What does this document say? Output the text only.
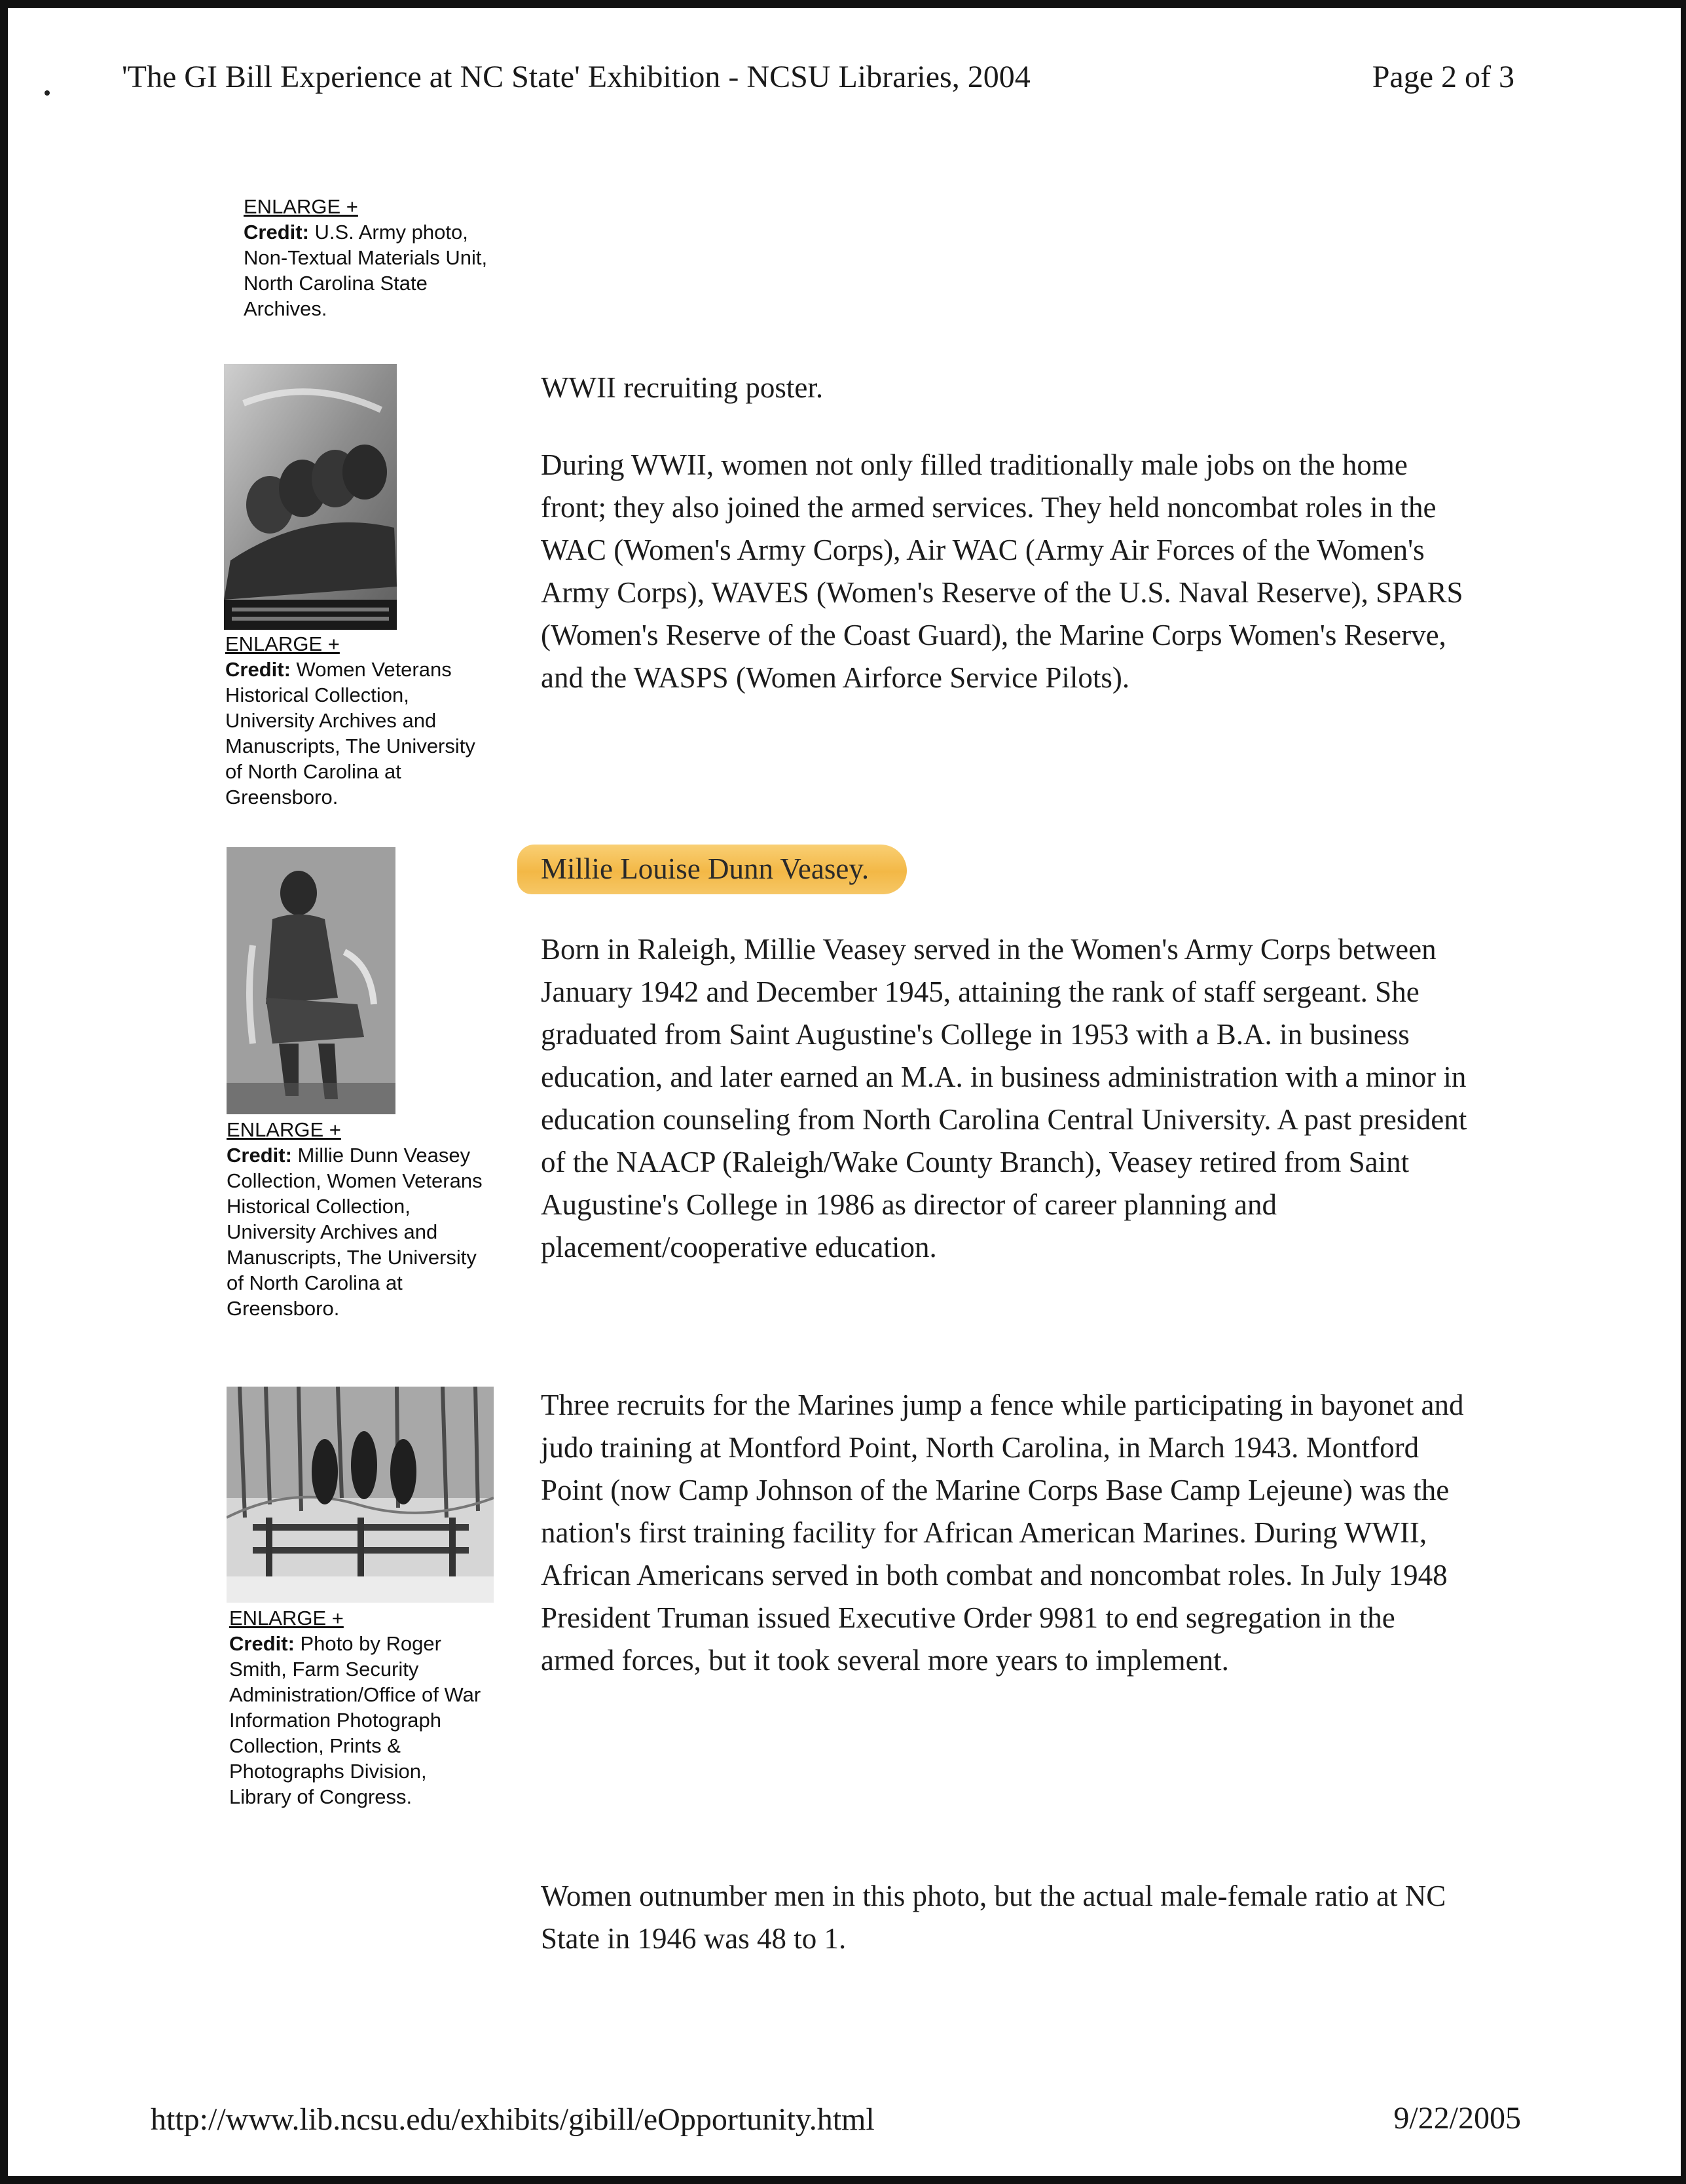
'The GI Bill Experience at NC State' Exhibition - NCSU Libraries, 2004	Page 2 of 3
ENLARGE +
Credit: U.S. Army photo, Non-Textual Materials Unit, North Carolina State Archives.
ENLARGE +
Credit: Women Veterans Historical Collection, University Archives and Manuscripts, The University of North Carolina at Greensboro.

WWII recruiting poster.

During WWII, women not only filled traditionally male jobs on the home front; they also joined the armed services. They held noncombat roles in the WAC (Women's Army Corps), Air WAC (Army Air Forces of the Women's Army Corps), WAVES (Women's Reserve of the U.S. Naval Reserve), SPARS (Women's Reserve of the Coast Guard), the Marine Corps Women's Reserve, and the WASPS (Women Airforce Service Pilots).

ENLARGE +
Credit: Millie Dunn Veasey Collection, Women Veterans Historical Collection, University Archives and Manuscripts, The University of North Carolina at Greensboro.
Millie Louise Dunn Veasey.

Born in Raleigh, Millie Veasey served in the Women's Army Corps between January 1942 and December 1945, attaining the rank of staff sergeant. She graduated from Saint Augustine's College in 1953 with a B.A. in business education, and later earned an M.A. in business administration with a minor in education counseling from North Carolina Central University. A past president of the NAACP (Raleigh/Wake County Branch), Veasey retired from Saint Augustine's College in 1986 as director of career planning and placement/cooperative education.

ENLARGE +
Credit: Photo by Roger Smith, Farm Security Administration/Office of War Information Photograph Collection, Prints & Photographs Division, Library of Congress.

Three recruits for the Marines jump a fence while participating in bayonet and judo training at Montford Point, North Carolina, in March 1943. Montford Point (now Camp Johnson of the Marine Corps Base Camp Lejeune) was the nation's first training facility for African American Marines. During WWII, African Americans served in both combat and noncombat roles. In July 1948 President Truman issued Executive Order 9981 to end segregation in the armed forces, but it took several more years to implement.

Women outnumber men in this photo, but the actual male-female ratio at NC State in 1946 was 48 to 1.

http://www.lib.ncsu.edu/exhibits/gibill/eOpportunity.html	9/22/2005
